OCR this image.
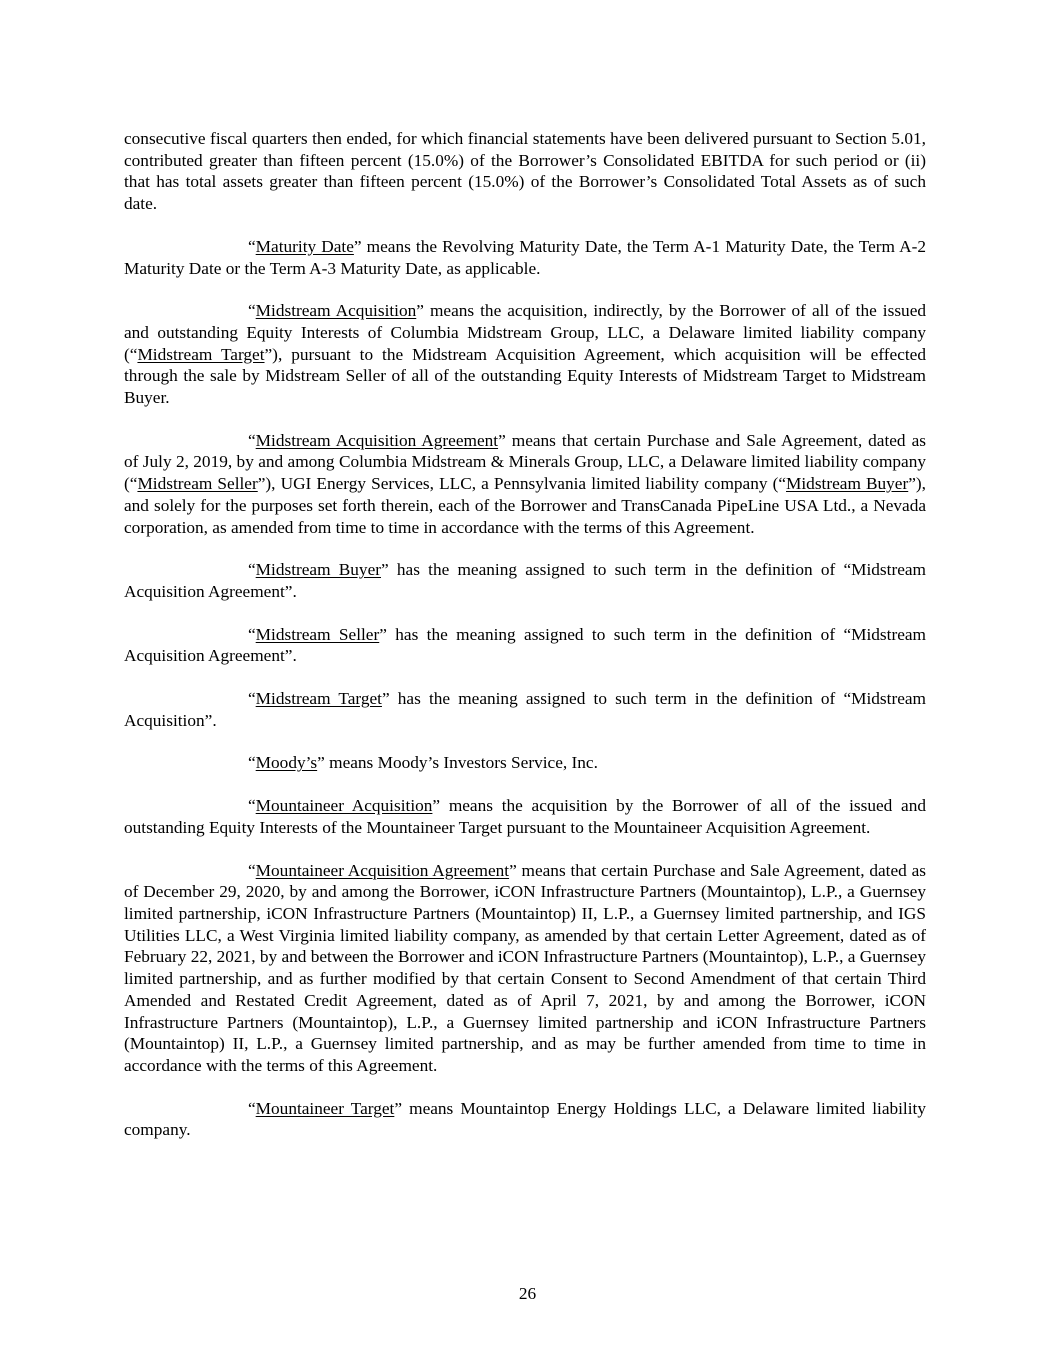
consecutive fiscal quarters then ended, for which financial statements have been delivered pursuant to Section 5.01, contributed greater than fifteen percent (15.0%) of the Borrower’s Consolidated EBITDA for such period or (ii) that has total assets greater than fifteen percent (15.0%) of the Borrower’s Consolidated Total Assets as of such date.

“Maturity Date” means the Revolving Maturity Date, the Term A-1 Maturity Date, the Term A-2 Maturity Date or the Term A-3 Maturity Date, as applicable.

“Midstream Acquisition” means the acquisition, indirectly, by the Borrower of all of the issued and outstanding Equity Interests of Columbia Midstream Group, LLC, a Delaware limited liability company (“Midstream Target”), pursuant to the Midstream Acquisition Agreement, which acquisition will be effected through the sale by Midstream Seller of all of the outstanding Equity Interests of Midstream Target to Midstream Buyer.

“Midstream Acquisition Agreement” means that certain Purchase and Sale Agreement, dated as of July 2, 2019, by and among Columbia Midstream & Minerals Group, LLC, a Delaware limited liability company (“Midstream Seller”), UGI Energy Services, LLC, a Pennsylvania limited liability company (“Midstream Buyer”), and solely for the purposes set forth therein, each of the Borrower and TransCanada PipeLine USA Ltd., a Nevada corporation, as amended from time to time in accordance with the terms of this Agreement.

“Midstream Buyer” has the meaning assigned to such term in the definition of “Midstream Acquisition Agreement”.

“Midstream Seller” has the meaning assigned to such term in the definition of “Midstream Acquisition Agreement”.

“Midstream Target” has the meaning assigned to such term in the definition of “Midstream Acquisition”.

“Moody’s” means Moody’s Investors Service, Inc.

“Mountaineer Acquisition” means the acquisition by the Borrower of all of the issued and outstanding Equity Interests of the Mountaineer Target pursuant to the Mountaineer Acquisition Agreement.

“Mountaineer Acquisition Agreement” means that certain Purchase and Sale Agreement, dated as of December 29, 2020, by and among the Borrower, iCON Infrastructure Partners (Mountaintop), L.P., a Guernsey limited partnership, iCON Infrastructure Partners (Mountaintop) II, L.P., a Guernsey limited partnership, and IGS Utilities LLC, a West Virginia limited liability company, as amended by that certain Letter Agreement, dated as of February 22, 2021, by and between the Borrower and iCON Infrastructure Partners (Mountaintop), L.P., a Guernsey limited partnership, and as further modified by that certain Consent to Second Amendment of that certain Third Amended and Restated Credit Agreement, dated as of April 7, 2021, by and among the Borrower, iCON Infrastructure Partners (Mountaintop), L.P., a Guernsey limited partnership and iCON Infrastructure Partners (Mountaintop) II, L.P., a Guernsey limited partnership, and as may be further amended from time to time in accordance with the terms of this Agreement.

“Mountaineer Target” means Mountaintop Energy Holdings LLC, a Delaware limited liability company.

26
